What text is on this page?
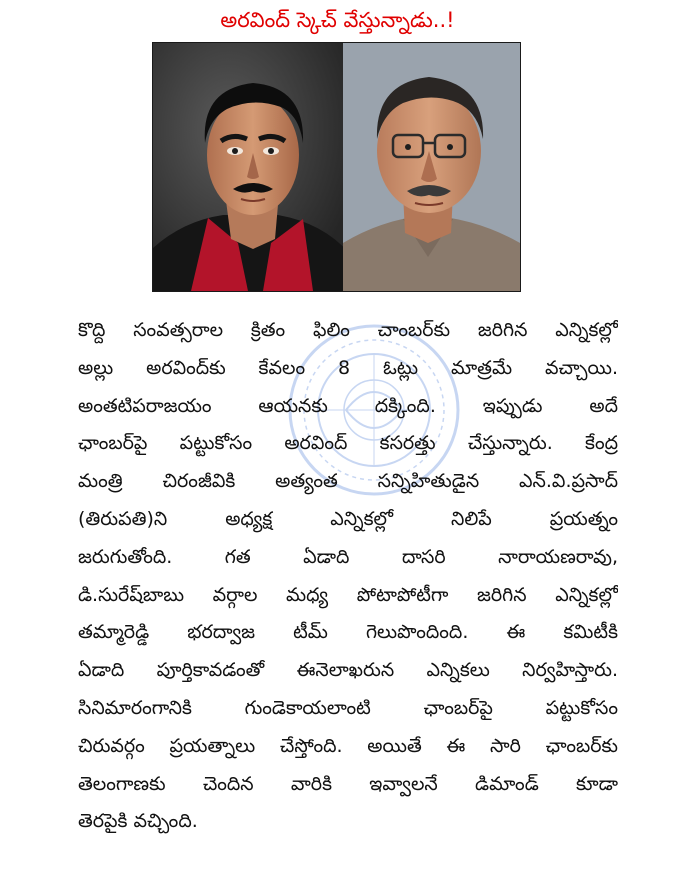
అరవింద్ స్కెచ్ వేస్తున్నాడు..!
కొద్ది సంవత్సరాల క్రితం ఫిలిం చాంబర్‌కు జరిగిన ఎన్నికల్లో
అల్లు అరవింద్‌కు కేవలం 8 ఓట్లు మాత్రమే వచ్చాయి.
అంతటిపరాజయం ఆయనకు దక్కింది. ఇప్పుడు అదే
ఛాంబర్‌పై పట్టుకోసం అరవింద్ కసరత్తు చేస్తున్నారు. కేంద్ర
మంత్రి చిరంజీవికి అత్యంత సన్నిహితుడైన ఎన్.వి.ప్రసాద్
(తిరుపతి)ని అధ్యక్ష ఎన్నికల్లో నిలిపే ప్రయత్నం
జరుగుతోంది. గత ఏడాది దాసరి నారాయణరావు,
డి.సురేష్‌బాబు వర్గాల మధ్య పోటాపోటీగా జరిగిన ఎన్నికల్లో
తమ్మారెడ్డి భరద్వాజ టీమ్ గెలుపొందింది. ఈ కమిటీకి
ఏడాది పూర్తికావడంతో ఈనెలాఖరున ఎన్నికలు నిర్వహిస్తారు.
సినిమారంగానికి గుండెకాయలాంటి ఛాంబర్‌పై పట్టుకోసం
చిరువర్గం ప్రయత్నాలు చేస్తోంది. అయితే ఈ సారి ఛాంబర్‌కు
తెలంగాణకు చెందిన వారికి ఇవ్వాలనే డిమాండ్ కూడా
తెరపైకి వచ్చింది.
